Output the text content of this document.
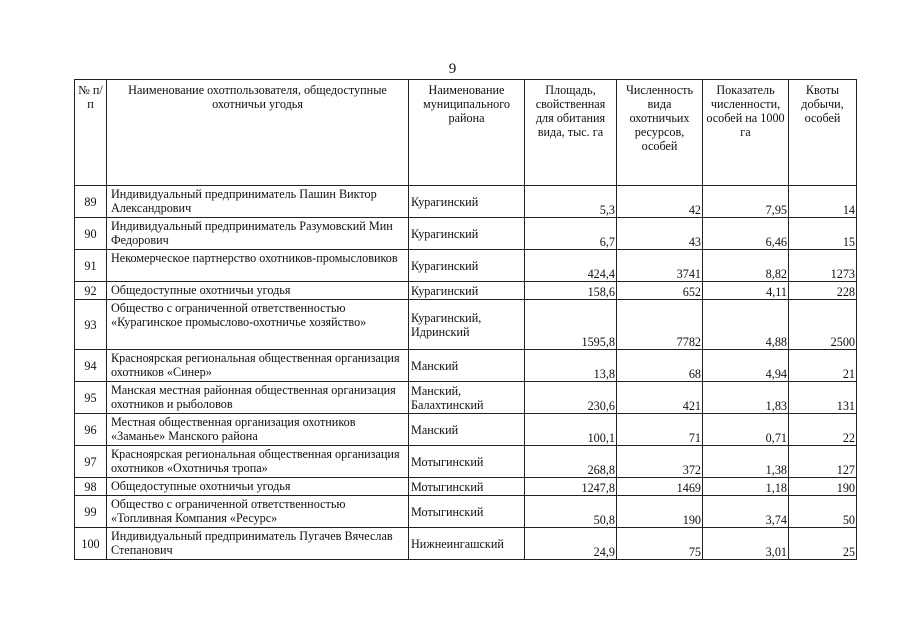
9
№ п/п	Наименование охотпользователя, общедоступные охотничьи угодья	Наименование муниципального района	Площадь, свойственная для обитания вида, тыс. га	Численность вида охотничьих ресурсов, особей	Показатель численности, особей на 1000 га	Квоты добычи, особей
89	Индивидуальный предприниматель Пашин Виктор Александрович	Курагинский	5,3	42	7,95	14
90	Индивидуальный предприниматель Разумовский Мин Федорович	Курагинский	6,7	43	6,46	15
91	Некомерческое партнерство охотников-промысловиков	Курагинский	424,4	3741	8,82	1273
92	Общедоступные охотничьи угодья	Курагинский	158,6	652	4,11	228
93	Общество с ограниченной ответственностью «Курагинское промыслово-охотничье хозяйство»	Курагинский, Идринский	1595,8	7782	4,88	2500
94	Красноярская региональная общественная организация охотников «Синер»	Манский	13,8	68	4,94	21
95	Манская местная районная общественная организация охотников и рыболовов	Манский, Балахтинский	230,6	421	1,83	131
96	Местная общественная организация охотников «Заманье» Манского района	Манский	100,1	71	0,71	22
97	Красноярская региональная общественная организация охотников «Охотничья тропа»	Мотыгинский	268,8	372	1,38	127
98	Общедоступные охотничьи угодья	Мотыгинский	1247,8	1469	1,18	190
99	Общество с ограниченной ответственностью «Топливная Компания «Ресурс»	Мотыгинский	50,8	190	3,74	50
100	Индивидуальный предприниматель Пугачев Вячеслав Степанович	Нижнеингашский	24,9	75	3,01	25
